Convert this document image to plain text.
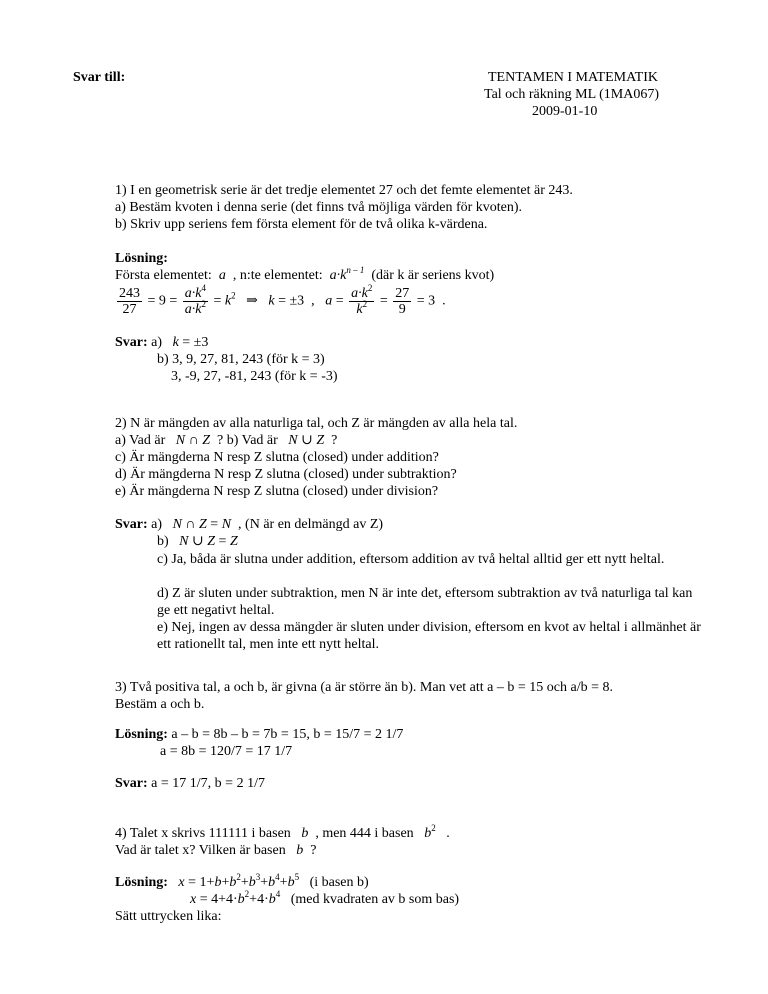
Svar till:	TENTAMEN I MATEMATIK
Tal och räkning ML (1MA067)
2009-01-10
1) I en geometrisk serie är det tredje elementet 27 och det femte elementet är 243.
a) Bestäm kvoten i denna serie (det finns två möjliga värden för kvoten).
b) Skriv upp seriens fem första element för de två olika k-värdena.
Lösning:
Första elementet: a , n:te elementet: $a\cdot k^{n - 1}$ (där k är seriens kvot)
$\frac{243}{27} = 9 = \frac{a\cdot k^4}{a\cdot k^2} = k^2$   ⇒   k = ±3  ,   $a = \frac{a\cdot k^2}{k^2} = \frac{27}{9} = 3$  .
Svar: a) k = ±3
b) 3, 9, 27, 81, 243 (för k = 3)
3, -9, 27, -81, 243 (för k = -3)
2) N är mängden av alla naturliga tal, och Z är mängden av alla hela tal.
a) Vad är N ∩ Z ? b) Vad är N ∪ Z ?
c) Är mängderna N resp Z slutna (closed) under addition?
d) Är mängderna N resp Z slutna (closed) under subtraktion?
e) Är mängderna N resp Z slutna (closed) under division?
Svar: a) N ∩ Z = N , (N är en delmängd av Z)
b) N ∪ Z = Z
c) Ja, båda är slutna under addition, eftersom addition av två heltal alltid ger ett nytt heltal.
d) Z är sluten under subtraktion, men N är inte det, eftersom subtraktion av två naturliga tal kan ge ett negativt heltal.
e) Nej, ingen av dessa mängder är sluten under division, eftersom en kvot av heltal i allmänhet är ett rationellt tal, men inte ett nytt heltal.
3) Två positiva tal, a och b, är givna (a är större än b). Man vet att a – b = 15 och a/b = 8.
Bestäm a och b.
Lösning: a – b = 8b – b = 7b = 15, b = 15/7 = 2 1/7
a = 8b = 120/7 = 17 1/7
Svar: a = 17 1/7, b = 2 1/7
4) Talet x skrivs 111111 i basen b , men 444 i basen $b^2$   .
Vad är talet x? Vilken är basen b ?
Lösning: $x = 1+b+b^2+b^3+b^4+b^5$ (i basen b)
$x = 4+4\cdot b^2+4\cdot b^4$ (med kvadraten av b som bas)
Sätt uttrycken lika:
